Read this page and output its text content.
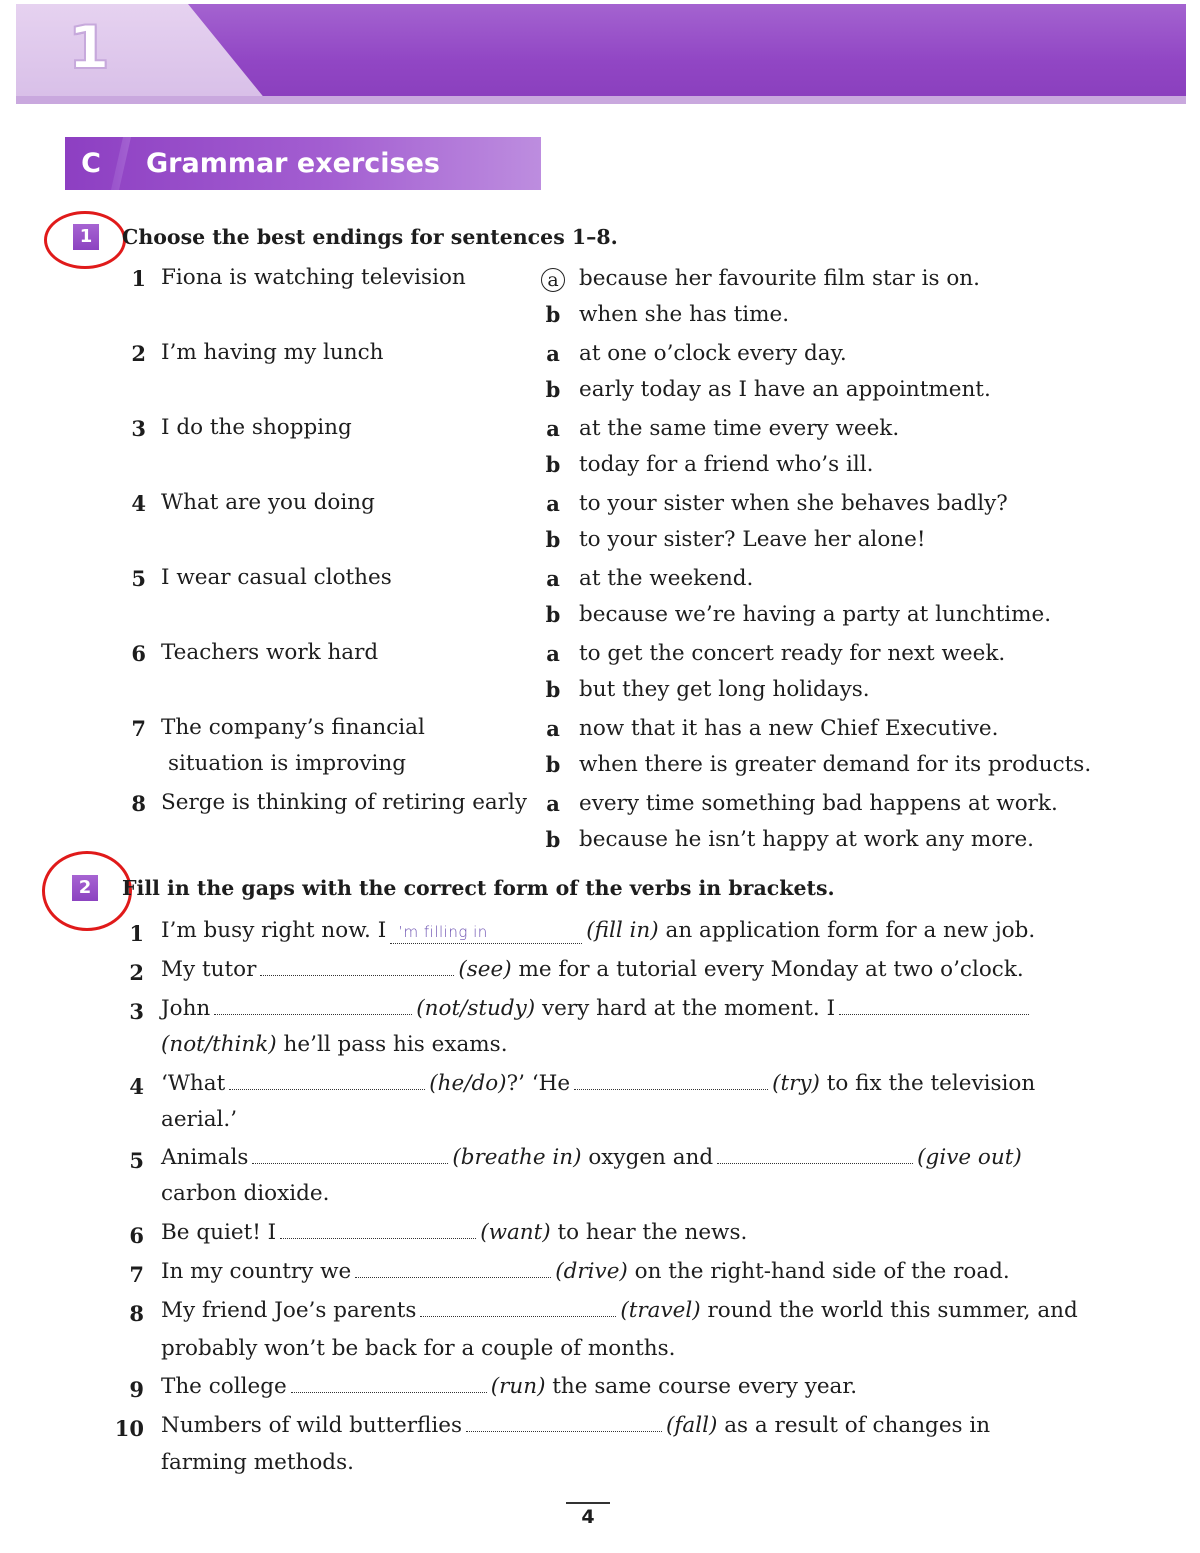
1
C	Grammar exercises
1	Choose the best endings for sentences 1–8.
1 Fiona is watching television	a because her favourite film star is on.
b when she has time.
2 I’m having my lunch	a at one o’clock every day.
b early today as I have an appointment.
3 I do the shopping	a at the same time every week.
b today for a friend who’s ill.
4 What are you doing	a to your sister when she behaves badly?
b to your sister? Leave her alone!
5 I wear casual clothes	a at the weekend.
b because we’re having a party at lunchtime.
6 Teachers work hard	a to get the concert ready for next week.
b but they get long holidays.
7 The company’s financial
situation is improving
a now that it has a new Chief Executive.
b when there is greater demand for its products.
8 Serge is thinking of retiring early a every time something bad happens at work.
b because he isn’t happy at work any more.
2	Fill in the gaps with the correct form of the verbs in brackets.
1 I’m busy right now. I ’m filling in	(fill in) an application form for a new job.
2 My tutor	(see) me for a tutorial every Monday at two o’clock.
3 John	(not/study) very hard at the moment. I
(not/think) he’ll pass his exams.
4 ‘What	(he/do)?’ ‘He	(try) to fix the television
aerial.’
5 Animals	(breathe in) oxygen and	(give out)
carbon dioxide.
6 Be quiet! I	(want) to hear the news.
7 In my country we	(drive) on the right-hand side of the road.
8 My friend Joe’s parents	(travel) round the world this summer, and
probably won’t be back for a couple of months.
9 The college	(run) the same course every year.
10 Numbers of wild butterflies	(fall) as a result of changes in
farming methods.
4
